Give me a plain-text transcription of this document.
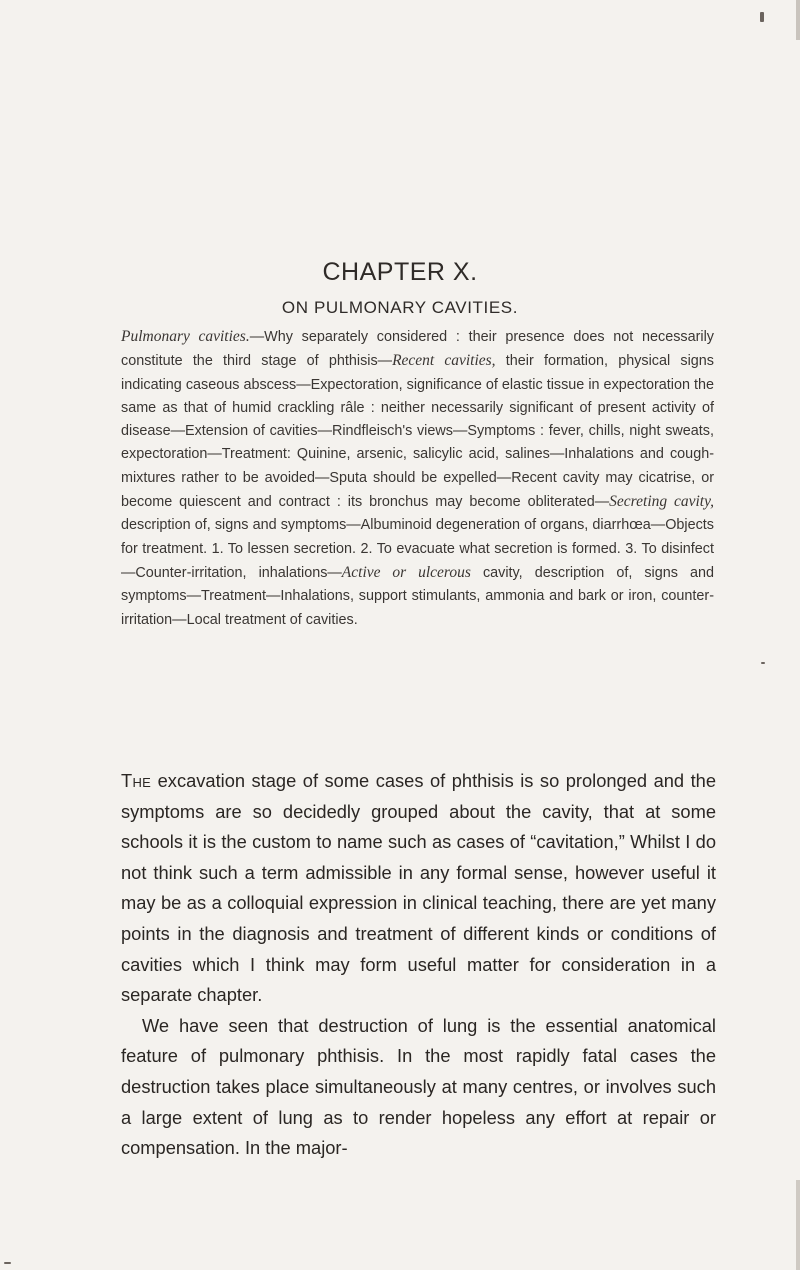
CHAPTER X.
ON PULMONARY CAVITIES.

Pulmonary cavities.—Why separately considered : their presence does not necessarily constitute the third stage of phthisis—Recent cavities, their formation, physical signs indicating caseous abscess—Expectoration, significance of elastic tissue in expectoration the same as that of humid crackling râle : neither necessarily significant of present activity of disease—Extension of cavities—Rindfleisch's views—Symptoms : fever, chills, night sweats, expectoration—Treatment: Quinine, arsenic, salicylic acid, salines—Inhalations and cough-mixtures rather to be avoided—Sputa should be expelled—Recent cavity may cicatrise, or become quiescent and contract : its bronchus may become obliterated—Secreting cavity, description of, signs and symptoms—Albuminoid degeneration of organs, diarrhœa—Objects for treatment. 1. To lessen secretion. 2. To evacuate what secretion is formed. 3. To disinfect—Counter-irritation, inhalations—Active or ulcerous cavity, description of, signs and symptoms—Treatment—Inhalations, support stimulants, ammonia and bark or iron, counter-irritation—Local treatment of cavities.

The excavation stage of some cases of phthisis is so prolonged and the symptoms are so decidedly grouped about the cavity, that at some schools it is the custom to name such as cases of “cavitation,” Whilst I do not think such a term admissible in any formal sense, however useful it may be as a colloquial expression in clinical teaching, there are yet many points in the diagnosis and treatment of different kinds or conditions of cavities which I think may form useful matter for consideration in a separate chapter.

We have seen that destruction of lung is the essential anatomical feature of pulmonary phthisis. In the most rapidly fatal cases the destruction takes place simultaneously at many centres, or involves such a large extent of lung as to render hopeless any effort at repair or compensation. In the major-
